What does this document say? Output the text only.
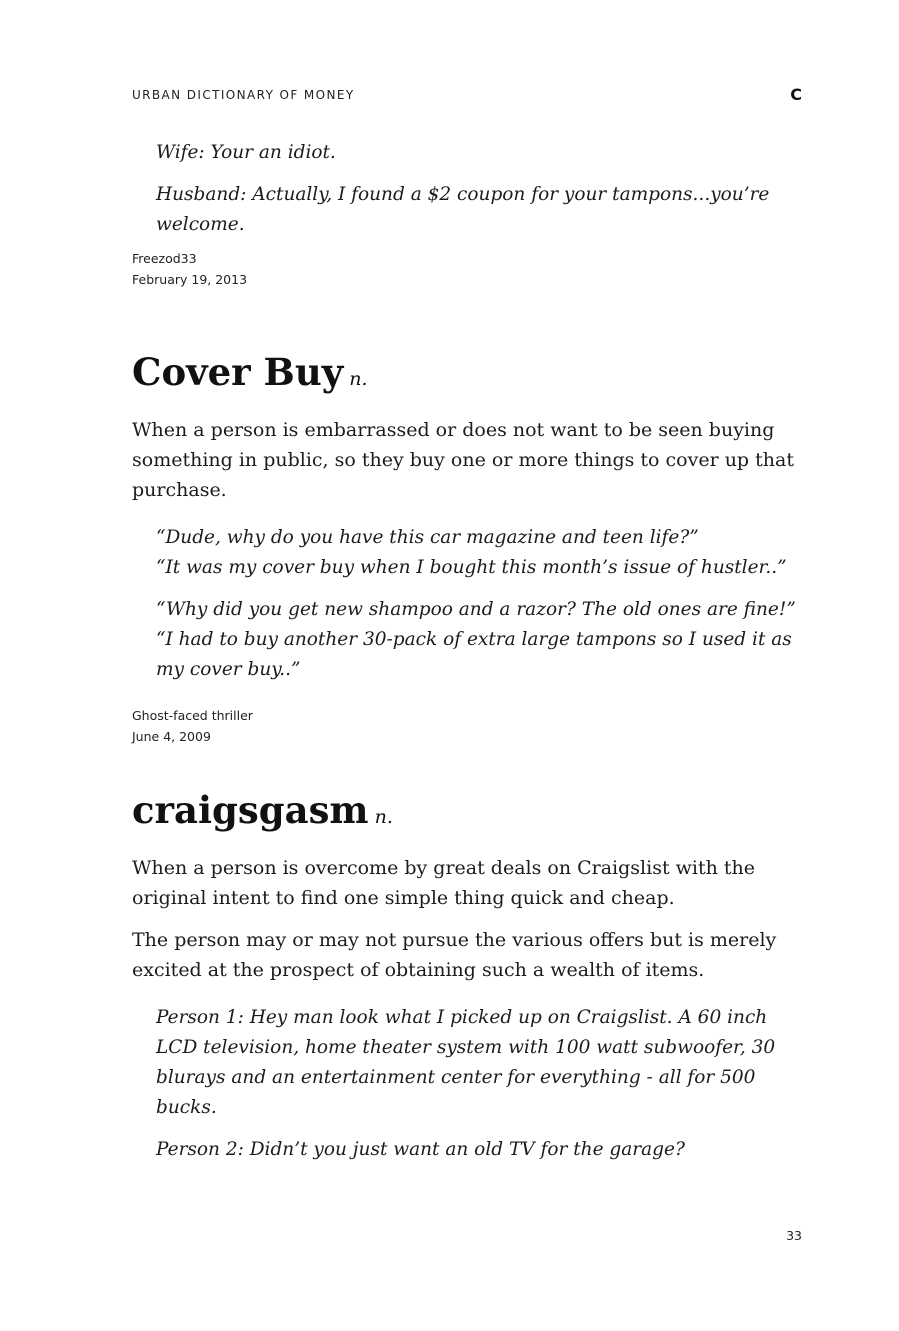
URBAN DICTIONARY OF MONEY	C

Wife: Your an idiot.

Husband: Actually, I found a $2 coupon for your tampons...you’re welcome.

Freezod33
February 19, 2013
Cover Buy n.

When a person is embarrassed or does not want to be seen buying something in public, so they buy one or more things to cover up that purchase.

“Dude, why do you have this car magazine and teen life?”

“It was my cover buy when I bought this month’s issue of hustler..”

“Why did you get new shampoo and a razor? The old ones are fine!”

“I had to buy another 30-pack of extra large tampons so I used it as my cover buy..”

Ghost-faced thriller
June 4, 2009
craigsgasm n.

When a person is overcome by great deals on Craigslist with the original intent to find one simple thing quick and cheap.

The person may or may not pursue the various offers but is merely excited at the prospect of obtaining such a wealth of items.

Person 1: Hey man look what I picked up on Craigslist. A 60 inch LCD television, home theater system with 100 watt subwoofer, 30 blurays and an entertainment center for everything - all for 500 bucks.

Person 2: Didn’t you just want an old TV for the garage?

33
